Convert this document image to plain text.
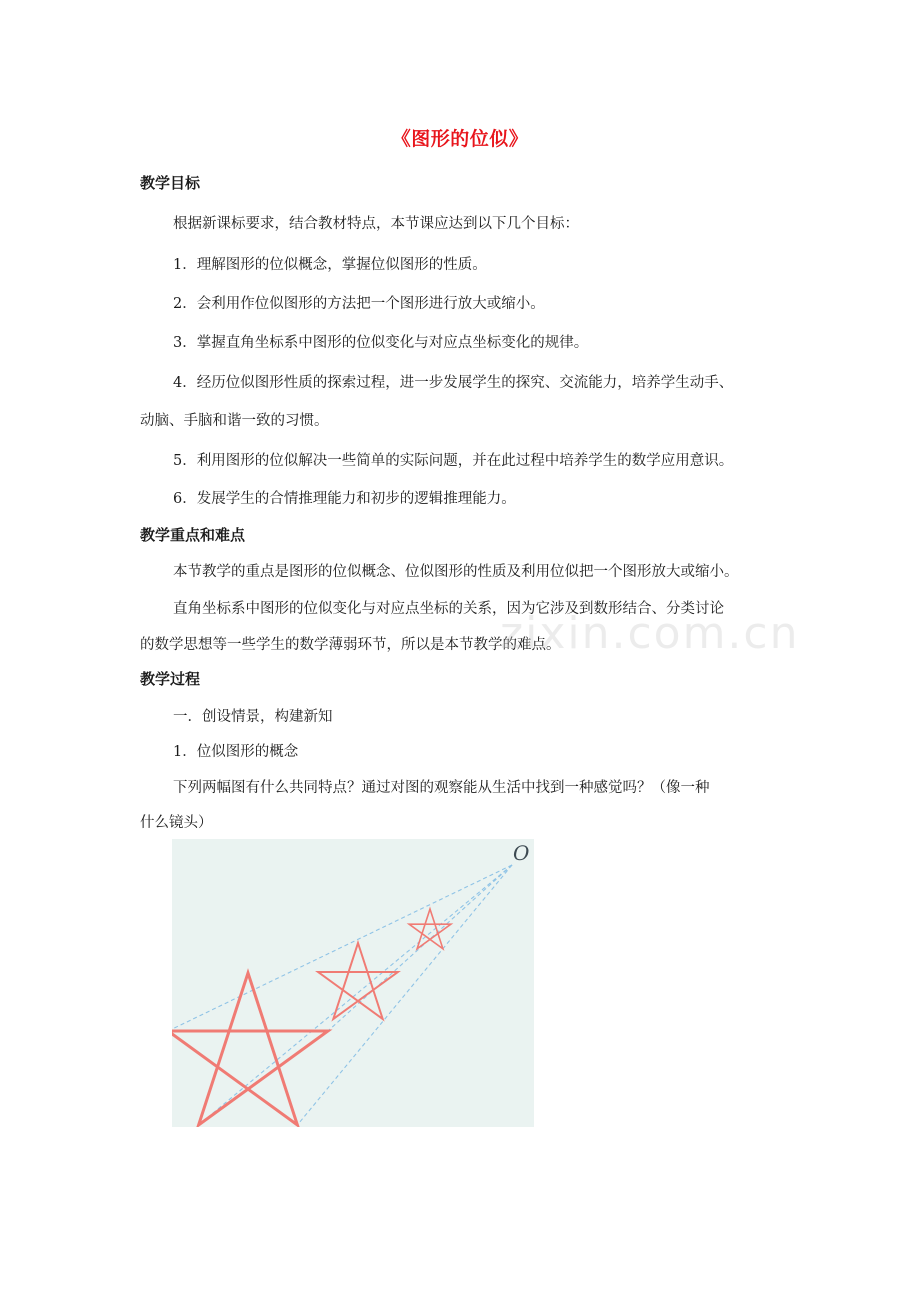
《图形的位似》
教学目标
根据新课标要求，结合教材特点，本节课应达到以下几个目标：
1．理解图形的位似概念，掌握位似图形的性质。
2．会利用作位似图形的方法把一个图形进行放大或缩小。
3．掌握直角坐标系中图形的位似变化与对应点坐标变化的规律。
4．经历位似图形性质的探索过程，进一步发展学生的探究、交流能力，培养学生动手、
动脑、手脑和谐一致的习惯。
5．利用图形的位似解决一些简单的实际问题，并在此过程中培养学生的数学应用意识。
6．发展学生的合情推理能力和初步的逻辑推理能力。
教学重点和难点
本节教学的重点是图形的位似概念、位似图形的性质及利用位似把一个图形放大或缩小。
直角坐标系中图形的位似变化与对应点坐标的关系，因为它涉及到数形结合、分类讨论
的数学思想等一些学生的数学薄弱环节，所以是本节教学的难点。
教学过程
一．创设情景，构建新知
1．位似图形的概念
下列两幅图有什么共同特点？通过对图的观察能从生活中找到一种感觉吗？（像一种
什么镜头）
zixin.com.cn
O
